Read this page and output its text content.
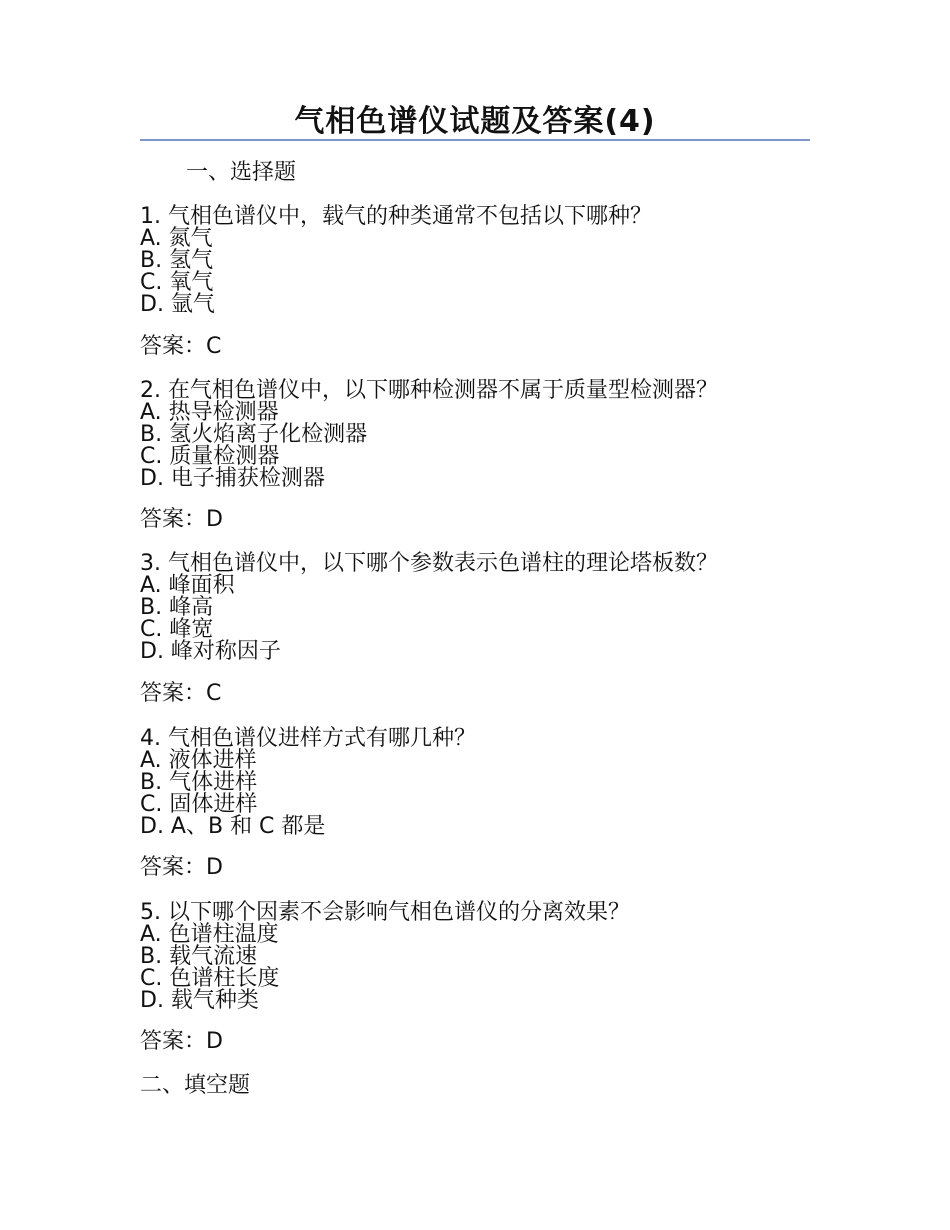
气相色谱仪试题及答案(4)
一、选择题
1. 气相色谱仪中，载气的种类通常不包括以下哪种？
A. 氮气
B. 氢气
C. 氧气
D. 氩气
答案：C
2. 在气相色谱仪中，以下哪种检测器不属于质量型检测器？
A. 热导检测器
B. 氢火焰离子化检测器
C. 质量检测器
D. 电子捕获检测器
答案：D
3. 气相色谱仪中，以下哪个参数表示色谱柱的理论塔板数？
A. 峰面积
B. 峰高
C. 峰宽
D. 峰对称因子
答案：C
4. 气相色谱仪进样方式有哪几种？
A. 液体进样
B. 气体进样
C. 固体进样
D. A、B 和 C 都是
答案：D
5. 以下哪个因素不会影响气相色谱仪的分离效果？
A. 色谱柱温度
B. 载气流速
C. 色谱柱长度
D. 载气种类
答案：D
二、填空题
